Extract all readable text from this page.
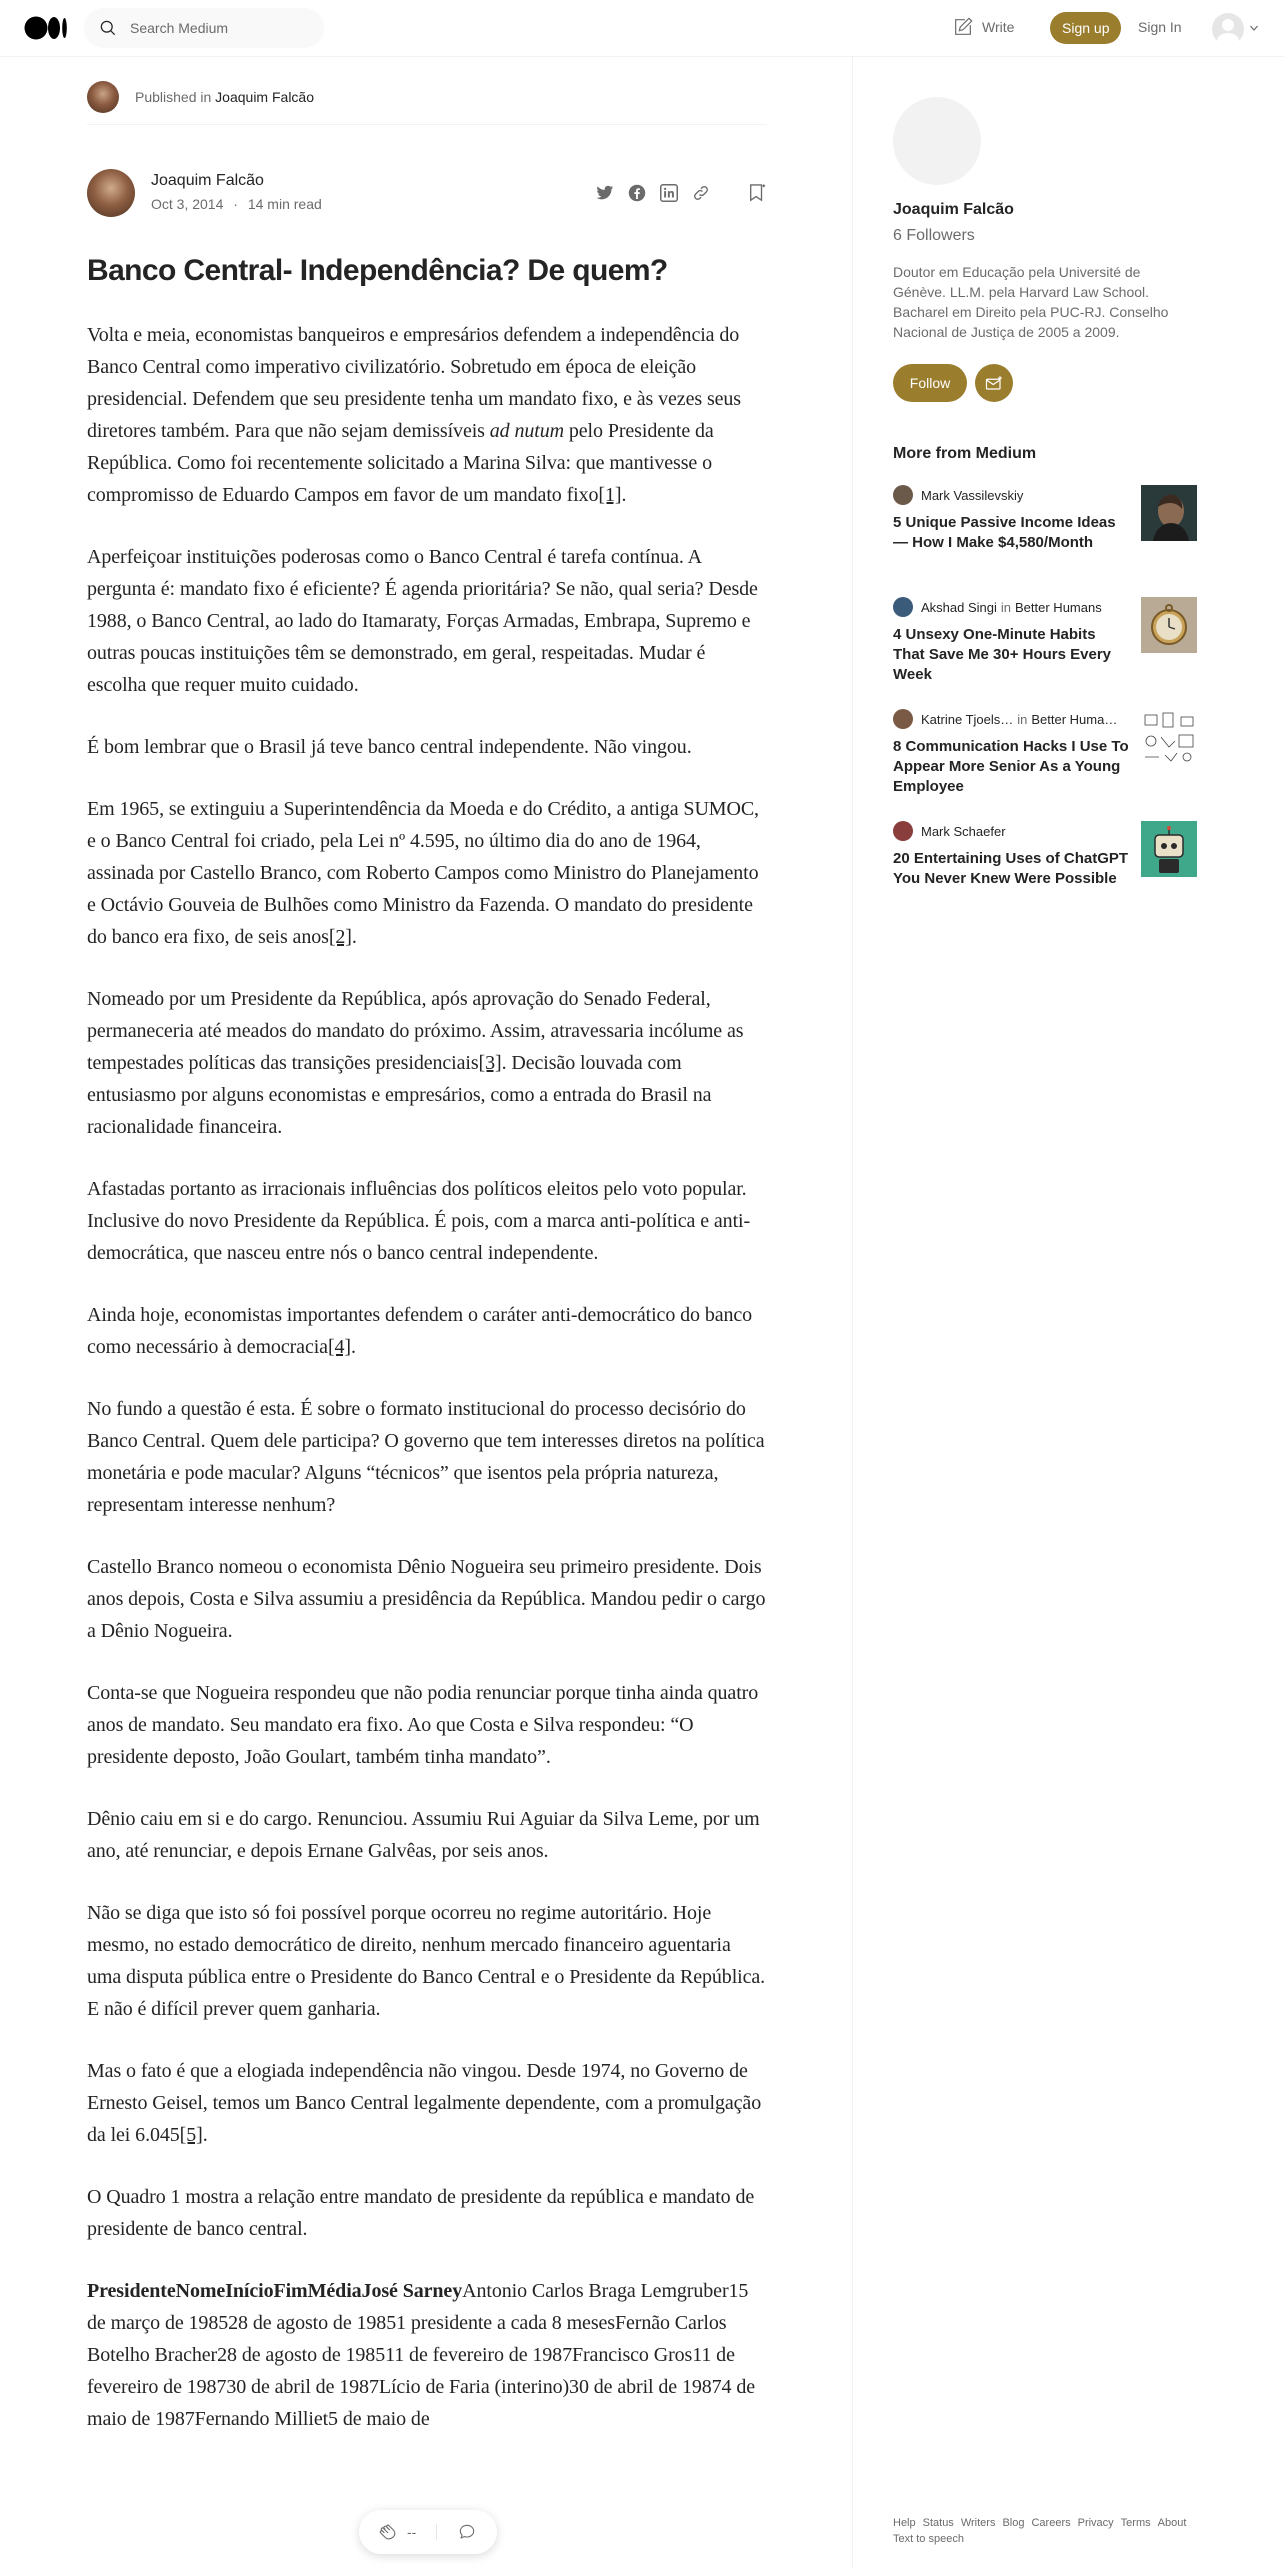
Search Medium
Write	Sign up	Sign In
Published in Joaquim Falcão
Joaquim Falcão
Oct 3, 2014 · 14 min read
Banco Central- Independência? De quem?

Volta e meia, economistas banqueiros e empresários defendem a independência do Banco Central como imperativo civilizatório. Sobretudo em época de eleição presidencial. Defendem que seu presidente tenha um mandato fixo, e às vezes seus diretores também. Para que não sejam demissíveis ad nutum pelo Presidente da República. Como foi recentemente solicitado a Marina Silva: que mantivesse o compromisso de Eduardo Campos em favor de um mandato fixo[1].

Aperfeiçoar instituições poderosas como o Banco Central é tarefa contínua. A pergunta é: mandato fixo é eficiente? É agenda prioritária? Se não, qual seria? Desde 1988, o Banco Central, ao lado do Itamaraty, Forças Armadas, Embrapa, Supremo e outras poucas instituições têm se demonstrado, em geral, respeitadas. Mudar é escolha que requer muito cuidado.

É bom lembrar que o Brasil já teve banco central independente. Não vingou.

Em 1965, se extinguiu a Superintendência da Moeda e do Crédito, a antiga SUMOC, e o Banco Central foi criado, pela Lei nº 4.595, no último dia do ano de 1964, assinada por Castello Branco, com Roberto Campos como Ministro do Planejamento e Octávio Gouveia de Bulhões como Ministro da Fazenda. O mandato do presidente do banco era fixo, de seis anos[2].

Nomeado por um Presidente da República, após aprovação do Senado Federal, permaneceria até meados do mandato do próximo. Assim, atravessaria incólume as tempestades políticas das transições presidenciais[3]. Decisão louvada com entusiasmo por alguns economistas e empresários, como a entrada do Brasil na racionalidade financeira.

Afastadas portanto as irracionais influências dos políticos eleitos pelo voto popular. Inclusive do novo Presidente da República. É pois, com a marca anti-política e anti-democrática, que nasceu entre nós o banco central independente.

Ainda hoje, economistas importantes defendem o caráter anti-democrático do banco como necessário à democracia[4].

No fundo a questão é esta. É sobre o formato institucional do processo decisório do Banco Central. Quem dele participa? O governo que tem interesses diretos na política monetária e pode macular? Alguns “técnicos” que isentos pela própria natureza, representam interesse nenhum?

Castello Branco nomeou o economista Dênio Nogueira seu primeiro presidente. Dois anos depois, Costa e Silva assumiu a presidência da República. Mandou pedir o cargo a Dênio Nogueira.

Conta-se que Nogueira respondeu que não podia renunciar porque tinha ainda quatro anos de mandato. Seu mandato era fixo. Ao que Costa e Silva respondeu: “O presidente deposto, João Goulart, também tinha mandato”.

Dênio caiu em si e do cargo. Renunciou. Assumiu Rui Aguiar da Silva Leme, por um ano, até renunciar, e depois Ernane Galvêas, por seis anos.

Não se diga que isto só foi possível porque ocorreu no regime autoritário. Hoje mesmo, no estado democrático de direito, nenhum mercado financeiro aguentaria uma disputa pública entre o Presidente do Banco Central e o Presidente da República. E não é difícil prever quem ganharia.

Mas o fato é que a elogiada independência não vingou. Desde 1974, no Governo de Ernesto Geisel, temos um Banco Central legalmente dependente, com a promulgação da lei 6.045[5].

O Quadro 1 mostra a relação entre mandato de presidente da república e mandato de presidente de banco central.

PresidenteNomeInícioFimMédiaJosé SarneyAntonio Carlos Braga Lemgruber15 de março de 198528 de agosto de 19851 presidente a cada 8 mesesFernão Carlos Botelho Bracher28 de agosto de 198511 de fevereiro de 1987Francisco Gros11 de fevereiro de 198730 de abril de 1987Lício de Faria (interino)30 de abril de 19874 de maio de 1987Fernando Milliet5 de maio de

--
Joaquim Falcão
6 Followers
Doutor em Educação pela Université de Génève. LL.M. pela Harvard Law School. Bacharel em Direito pela PUC-RJ. Conselho Nacional de Justiça de 2005 a 2009.
Follow
More from Medium
Mark Vassilevskiy
5 Unique Passive Income Ideas — How I Make $4,580/Month
Akshad Singi in Better Humans
4 Unsexy One-Minute Habits That Save Me 30+ Hours Every Week
Katrine Tjoels… in Better Huma…
8 Communication Hacks I Use To Appear More Senior As a Young Employee
Mark Schaefer
20 Entertaining Uses of ChatGPT You Never Knew Were Possible
Help Status Writers Blog Careers Privacy Terms About
Text to speech
